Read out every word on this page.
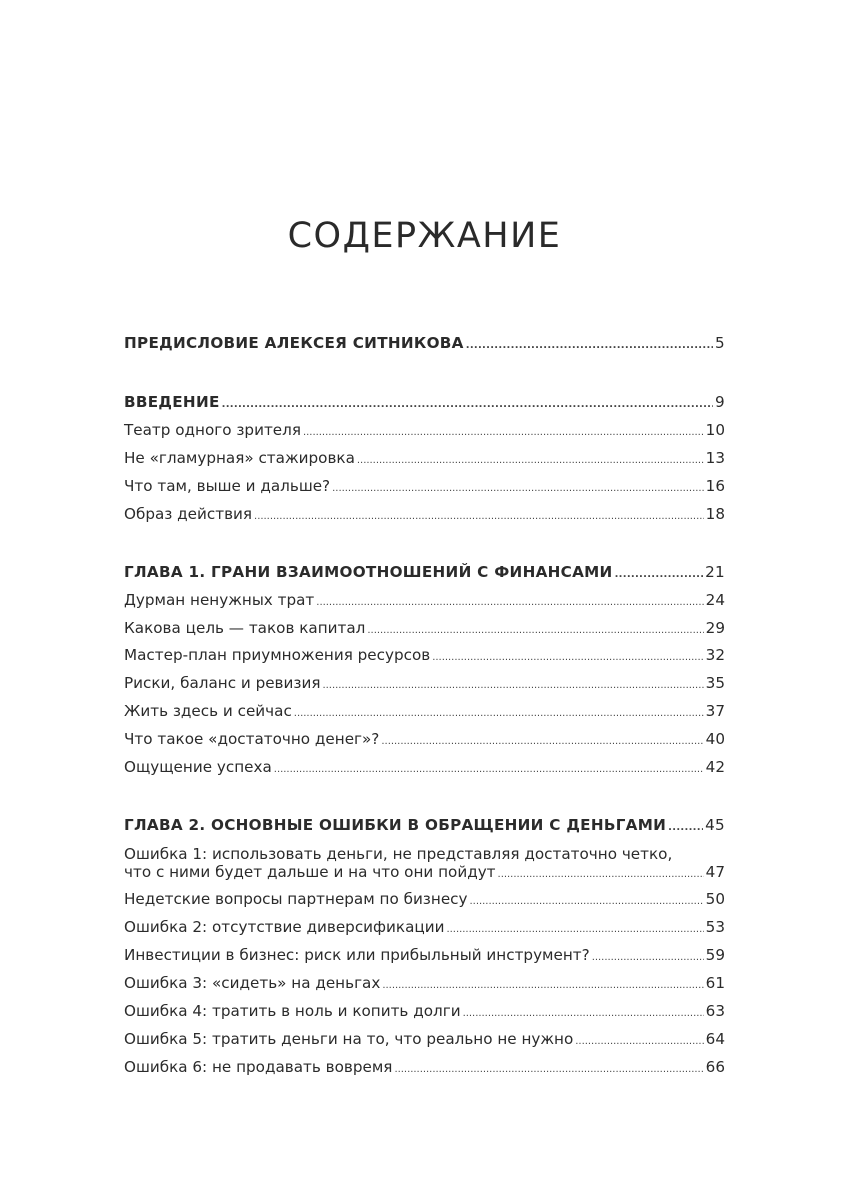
СОДЕРЖАНИЕ
ПРЕДИСЛОВИЕ АЛЕКСЕЯ СИТНИКОВА . . .	5
ВВЕДЕНИЕ . . .	9
Театр одного зрителя . . .	10
Не «гламурная» стажировка . . .	13
Что там, выше и дальше? . . .	16
Образ действия . . .	18
ГЛАВА 1. ГРАНИ ВЗАИМООТНОШЕНИЙ С ФИНАНСАМИ . . .	21
Дурман ненужных трат . . .	24
Какова цель — таков капитал . . .	29
Мастер-план приумножения ресурсов . . .	32
Риски, баланс и ревизия . . .	35
Жить здесь и сейчас . . .	37
Что такое «достаточно денег»? . . .	40
Ощущение успеха . . .	42
ГЛАВА 2. ОСНОВНЫЕ ОШИБКИ В ОБРАЩЕНИИ С ДЕНЬГАМИ . . .	45
Ошибка 1: использовать деньги, не представляя достаточно четко,
что с ними будет дальше и на что они пойдут . . .	47
Недетские вопросы партнерам по бизнесу . . .	50
Ошибка 2: отсутствие диверсификации . . .	53
Инвестиции в бизнес: риск или прибыльный инструмент? . . .	59
Ошибка 3: «сидеть» на деньгах . . .	61
Ошибка 4: тратить в ноль и копить долги . . .	63
Ошибка 5: тратить деньги на то, что реально не нужно . . .	64
Ошибка 6: не продавать вовремя . . .	66
